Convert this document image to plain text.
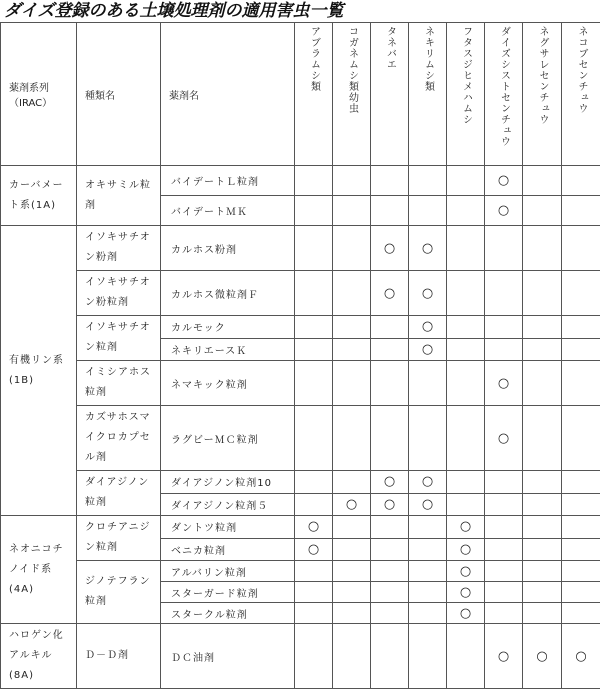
ダイズ登録のある土壌処理剤の適用害虫一覧
薬剤系列
（IRAC）	種類名	薬剤名	アブラムシ類	コガネムシ類幼虫	タネバエ	ネキリムシ類	フタスジヒメハムシ	ダイズシストセンチュウ	ネグサレセンチュウ	ネコブセンチュウ
カーバメート系(1A)	オキサミル粒剤	バイデートＬ粒剤						○		
		バイデートＭＫ						○		
有機リン系(1B)	イソキサチオン粉剤	カルホス粉剤			○	○				
	イソキサチオン粉粒剤	カルホス微粒剤Ｆ			○	○				
	イソキサチオン粒剤	カルモック				○				
		ネキリエースＫ				○				
	イミシアホス粒剤	ネマキック粒剤						○		
	カズサホスマイクロカプセル剤	ラグビーＭＣ粒剤						○		
	ダイアジノン粒剤	ダイアジノン粒剤10			○	○				
		ダイアジノン粒剤５		○	○	○				
ネオニコチノイド系(4A)	クロチアニジン粒剤	ダントツ粒剤	○				○			
		ベニカ粒剤	○				○			
	ジノテフラン粒剤	アルバリン粒剤					○			
		スターガード粒剤					○			
		スタークル粒剤					○			
ハロゲン化アルキル(8A)	Ｄ－Ｄ剤	ＤＣ油剤						○	○	○
